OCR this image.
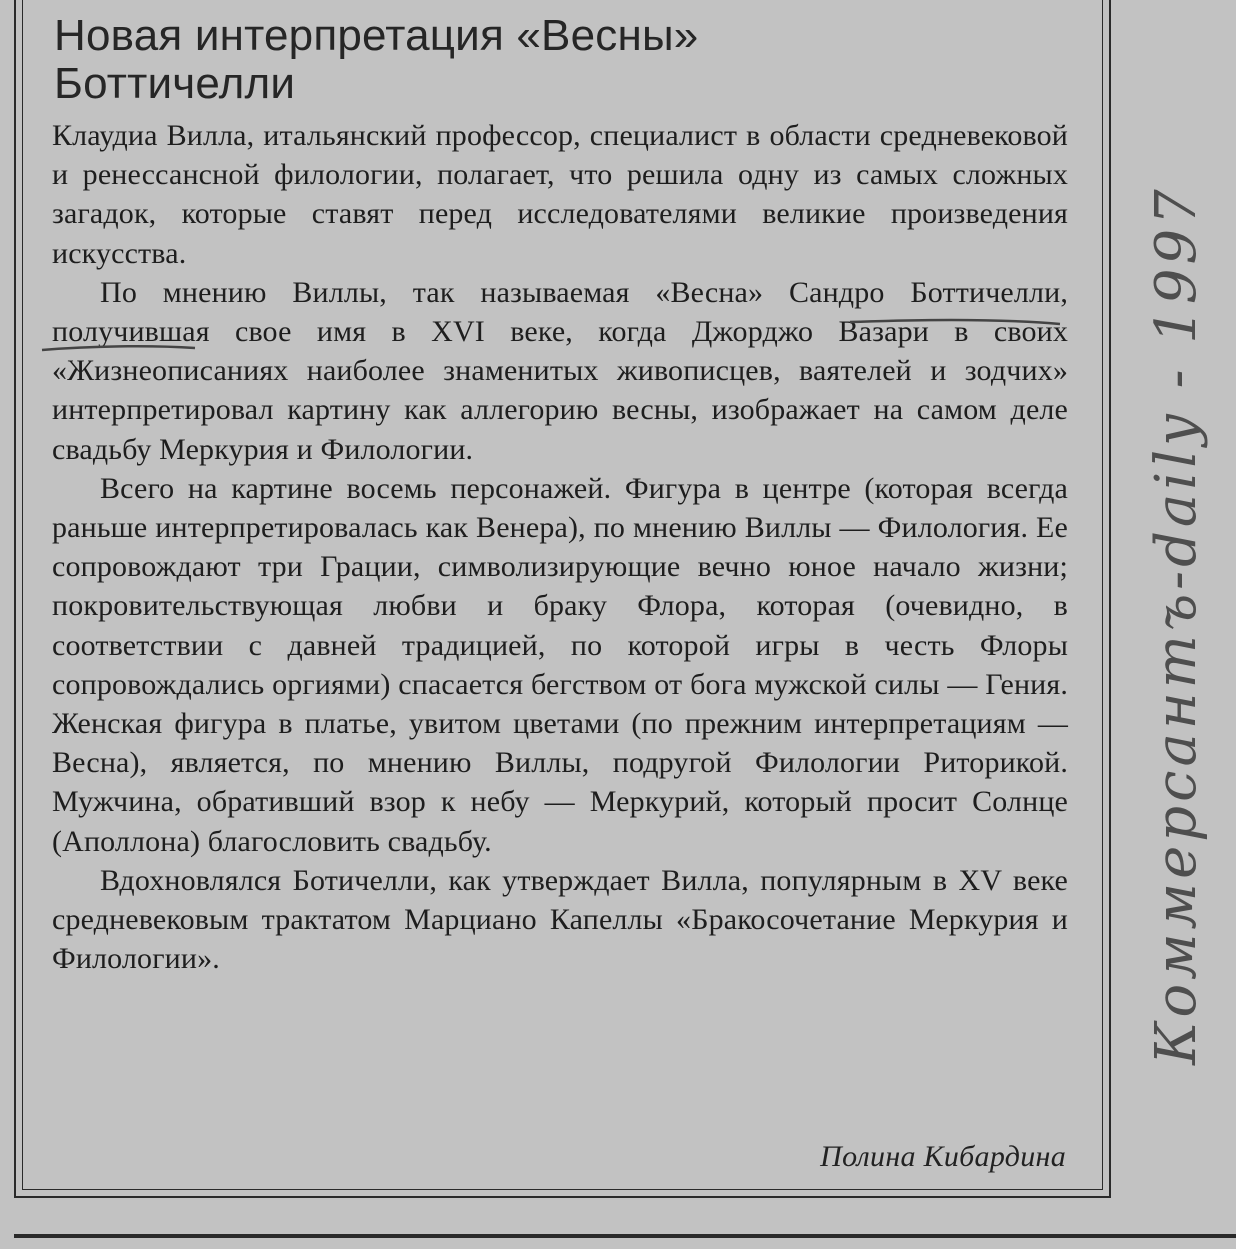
Новая интерпретация «Весны»
Боттичелли

Клаудиа Вилла, итальянский профессор, специалист в области средневековой и ренессансной филологии, полагает, что решила одну из самых сложных загадок, которые ставят перед исследователями великие произведения искусства.

По мнению Виллы, так называемая «Весна» Сандро Боттичелли, получившая свое имя в XVI веке, когда Джорджо Вазари в своих «Жизнеописаниях наиболее знаменитых живописцев, ваятелей и зодчих» интерпретировал картину как аллегорию весны, изображает на самом деле свадьбу Меркурия и Филологии.

Всего на картине восемь персонажей. Фигура в центре (которая всегда раньше интерпретировалась как Венера), по мнению Виллы — Филология. Ее сопровождают три Грации, символизирующие вечно юное начало жизни; покровительствующая любви и браку Флора, которая (очевидно, в соответствии с давней традицией, по которой игры в честь Флоры сопровождались оргиями) спасается бегством от бога мужской силы — Гения. Женская фигура в платье, увитом цветами (по прежним интерпретациям — Весна), является, по мнению Виллы, подругой Филологии Риторикой. Мужчина, обративший взор к небу — Меркурий, который просит Солнце (Аполлона) благословить свадьбу.

Вдохновлялся Ботичелли, как утверждает Вилла, популярным в XV веке средневековым трактатом Марциано Капеллы «Бракосочетание Меркурия и Филологии».

Полина Кибардина
Коммерсантъ-daily - 1997
